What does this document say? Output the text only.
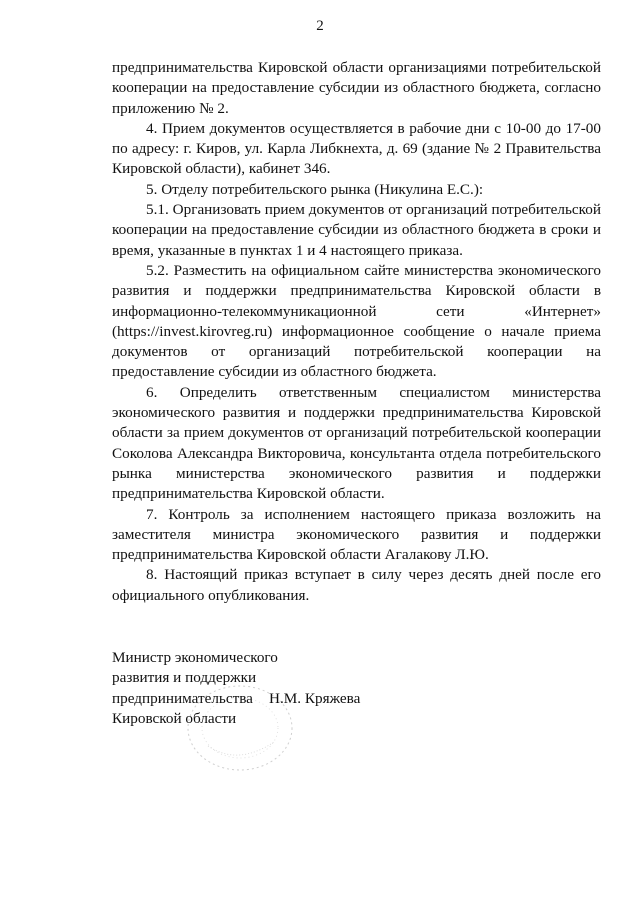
2

предпринимательства Кировской области организациями потребительской кооперации на предоставление субсидии из областного бюджета, согласно приложению № 2.

4. Прием документов осуществляется в рабочие дни с 10-00 до 17-00 по адресу: г. Киров, ул. Карла Либкнехта, д. 69 (здание № 2 Правительства Кировской области), кабинет 346.

5. Отделу потребительского рынка (Никулина Е.С.):

5.1. Организовать прием документов от организаций потребительской кооперации на предоставление субсидии из областного бюджета в сроки и время, указанные в пунктах 1 и 4 настоящего приказа.

5.2. Разместить на официальном сайте министерства экономического развития и поддержки предпринимательства Кировской области в информационно-телекоммуникационной сети «Интернет» (https://invest.kirovreg.ru) информационное сообщение о начале приема документов от организаций потребительской кооперации на предоставление субсидии из областного бюджета.

6. Определить ответственным специалистом министерства экономического развития и поддержки предпринимательства Кировской области за прием документов от организаций потребительской кооперации Соколова Александра Викторовича, консультанта отдела потребительского рынка министерства экономического развития и поддержки предпринимательства Кировской области.

7. Контроль за исполнением настоящего приказа возложить на заместителя министра экономического развития и поддержки предпринимательства Кировской области Агалакову Л.Ю.

8. Настоящий приказ вступает в силу через десять дней после его официального опубликования.

Министр экономического
развития и поддержки
предпринимательства
Кировской области
Н.М. Кряжева
